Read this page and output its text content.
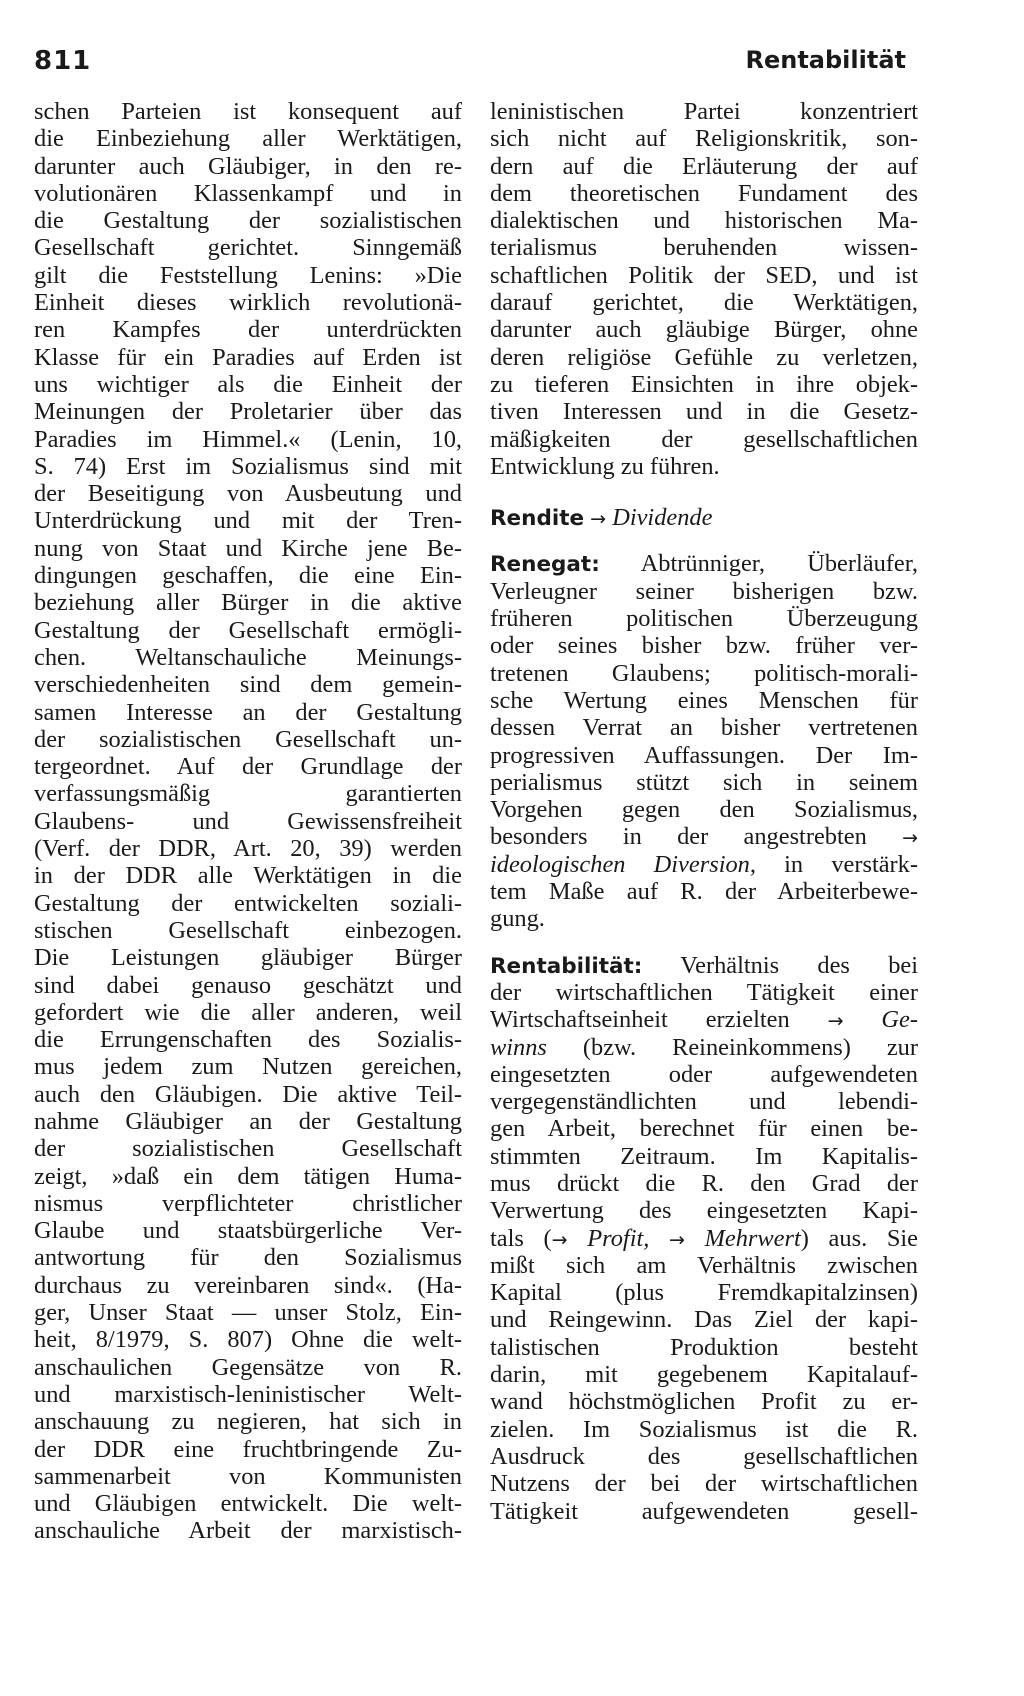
811	Rentabilität
schen Parteien ist konsequent auf
die Einbeziehung aller Werktätigen,
darunter auch Gläubiger, in den re-
volutionären Klassenkampf und in
die Gestaltung der sozialistischen
Gesellschaft gerichtet. Sinngemäß
gilt die Feststellung Lenins: »Die
Einheit dieses wirklich revolutionä-
ren Kampfes der unterdrückten
Klasse für ein Paradies auf Erden ist
uns wichtiger als die Einheit der
Meinungen der Proletarier über das
Paradies im Himmel.« (Lenin, 10,
S. 74) Erst im Sozialismus sind mit
der Beseitigung von Ausbeutung und
Unterdrückung und mit der Tren-
nung von Staat und Kirche jene Be-
dingungen geschaffen, die eine Ein-
beziehung aller Bürger in die aktive
Gestaltung der Gesellschaft ermögli-
chen. Weltanschauliche Meinungs-
verschiedenheiten sind dem gemein-
samen Interesse an der Gestaltung
der sozialistischen Gesellschaft un-
tergeordnet. Auf der Grundlage der
verfassungsmäßig garantierten
Glaubens- und Gewissensfreiheit
(Verf. der DDR, Art. 20, 39) werden
in der DDR alle Werktätigen in die
Gestaltung der entwickelten soziali-
stischen Gesellschaft einbezogen.
Die Leistungen gläubiger Bürger
sind dabei genauso geschätzt und
gefordert wie die aller anderen, weil
die Errungenschaften des Sozialis-
mus jedem zum Nutzen gereichen,
auch den Gläubigen. Die aktive Teil-
nahme Gläubiger an der Gestaltung
der sozialistischen Gesellschaft
zeigt, »daß ein dem tätigen Huma-
nismus verpflichteter christlicher
Glaube und staatsbürgerliche Ver-
antwortung für den Sozialismus
durchaus zu vereinbaren sind«. (Ha-
ger, Unser Staat — unser Stolz, Ein-
heit, 8/1979, S. 807) Ohne die welt-
anschaulichen Gegensätze von R.
und marxistisch-leninistischer Welt-
anschauung zu negieren, hat sich in
der DDR eine fruchtbringende Zu-
sammenarbeit von Kommunisten
und Gläubigen entwickelt. Die welt-
anschauliche Arbeit der marxistisch-
leninistischen Partei konzentriert
sich nicht auf Religionskritik, son-
dern auf die Erläuterung der auf
dem theoretischen Fundament des
dialektischen und historischen Ma-
terialismus beruhenden wissen-
schaftlichen Politik der SED, und ist
darauf gerichtet, die Werktätigen,
darunter auch gläubige Bürger, ohne
deren religiöse Gefühle zu verletzen,
zu tieferen Einsichten in ihre objek-
tiven Interessen und in die Gesetz-
mäßigkeiten der gesellschaftlichen
Entwicklung zu führen.
Rendite → Dividende
Renegat: Abtrünniger, Überläufer,
Verleugner seiner bisherigen bzw.
früheren politischen Überzeugung
oder seines bisher bzw. früher ver-
tretenen Glaubens; politisch-morali-
sche Wertung eines Menschen für
dessen Verrat an bisher vertretenen
progressiven Auffassungen. Der Im-
perialismus stützt sich in seinem
Vorgehen gegen den Sozialismus,
besonders in der angestrebten →
ideologischen Diversion, in verstärk-
tem Maße auf R. der Arbeiterbewe-
gung.
Rentabilität: Verhältnis des bei
der wirtschaftlichen Tätigkeit einer
Wirtschaftseinheit erzielten → Ge-
winns (bzw. Reineinkommens) zur
eingesetzten oder aufgewendeten
vergegenständlichten und lebendi-
gen Arbeit, berechnet für einen be-
stimmten Zeitraum. Im Kapitalis-
mus drückt die R. den Grad der
Verwertung des eingesetzten Kapi-
tals (→ Profit, → Mehrwert) aus. Sie
mißt sich am Verhältnis zwischen
Kapital (plus Fremdkapitalzinsen)
und Reingewinn. Das Ziel der kapi-
talistischen Produktion besteht
darin, mit gegebenem Kapitalauf-
wand höchstmöglichen Profit zu er-
zielen. Im Sozialismus ist die R.
Ausdruck des gesellschaftlichen
Nutzens der bei der wirtschaftlichen
Tätigkeit aufgewendeten gesell-
